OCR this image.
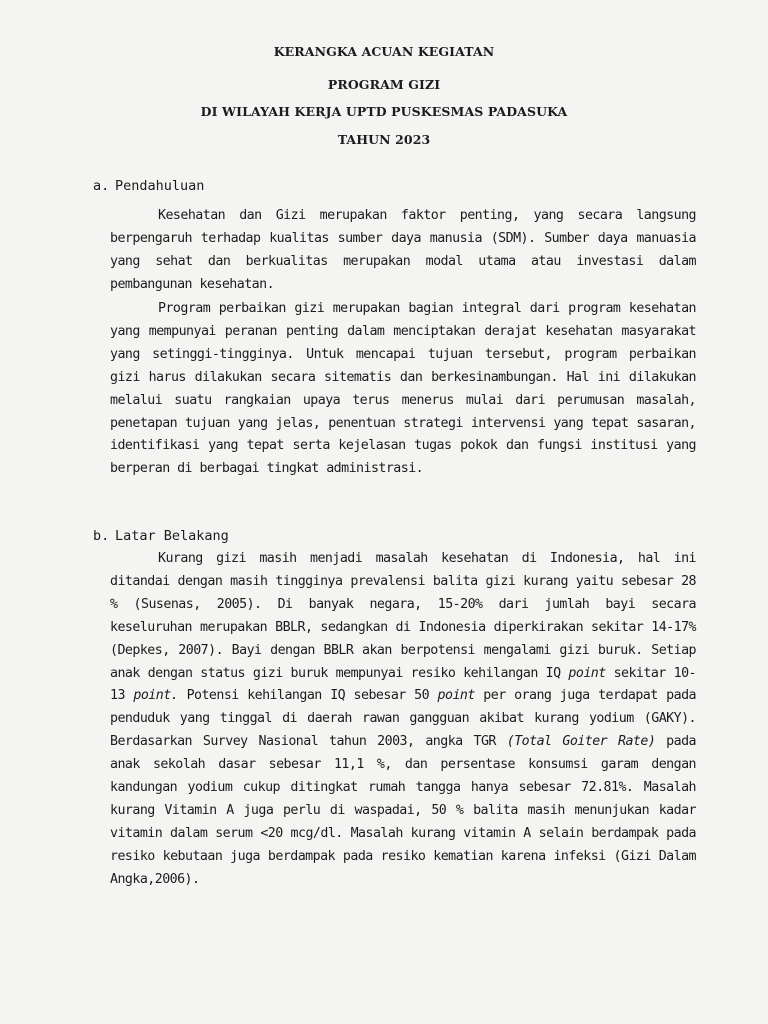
KERANGKA ACUAN KEGIATAN
PROGRAM GIZI
DI WILAYAH KERJA UPTD PUSKESMAS PADASUKA
TAHUN 2023
a. Pendahuluan

Kesehatan dan Gizi merupakan faktor penting, yang secara langsung berpengaruh terhadap kualitas sumber daya manusia (SDM). Sumber daya manuasia yang sehat dan berkualitas merupakan modal utama atau investasi dalam pembangunan kesehatan.

Program perbaikan gizi merupakan bagian integral dari program kesehatan yang mempunyai peranan penting dalam menciptakan derajat kesehatan masyarakat yang setinggi-tingginya. Untuk mencapai tujuan tersebut, program perbaikan gizi harus dilakukan secara sitematis dan berkesinambungan. Hal ini dilakukan melalui suatu rangkaian upaya terus menerus mulai dari perumusan masalah, penetapan tujuan yang jelas, penentuan strategi intervensi yang tepat sasaran, identifikasi yang tepat serta kejelasan tugas pokok dan fungsi institusi yang berperan di berbagai tingkat administrasi.

b. Latar Belakang

Kurang gizi masih menjadi masalah kesehatan di Indonesia, hal ini ditandai dengan masih tingginya prevalensi balita gizi kurang yaitu sebesar 28 % (Susenas, 2005). Di banyak negara, 15-20% dari jumlah bayi secara keseluruhan merupakan BBLR, sedangkan di Indonesia diperkirakan sekitar 14-17% (Depkes, 2007). Bayi dengan BBLR akan berpotensi mengalami gizi buruk. Setiap anak dengan status gizi buruk mempunyai resiko kehilangan IQ point sekitar 10-13 point. Potensi kehilangan IQ sebesar 50 point per orang juga terdapat pada penduduk yang tinggal di daerah rawan gangguan akibat kurang yodium (GAKY). Berdasarkan Survey Nasional tahun 2003, angka TGR (Total Goiter Rate) pada anak sekolah dasar sebesar 11,1 %, dan persentase konsumsi garam dengan kandungan yodium cukup ditingkat rumah tangga hanya sebesar 72.81%. Masalah kurang Vitamin A juga perlu di waspadai, 50 % balita masih menunjukan kadar vitamin dalam serum <20 mcg/dl. Masalah kurang vitamin A selain berdampak pada resiko kebutaan juga berdampak pada resiko kematian karena infeksi (Gizi Dalam Angka,2006).
